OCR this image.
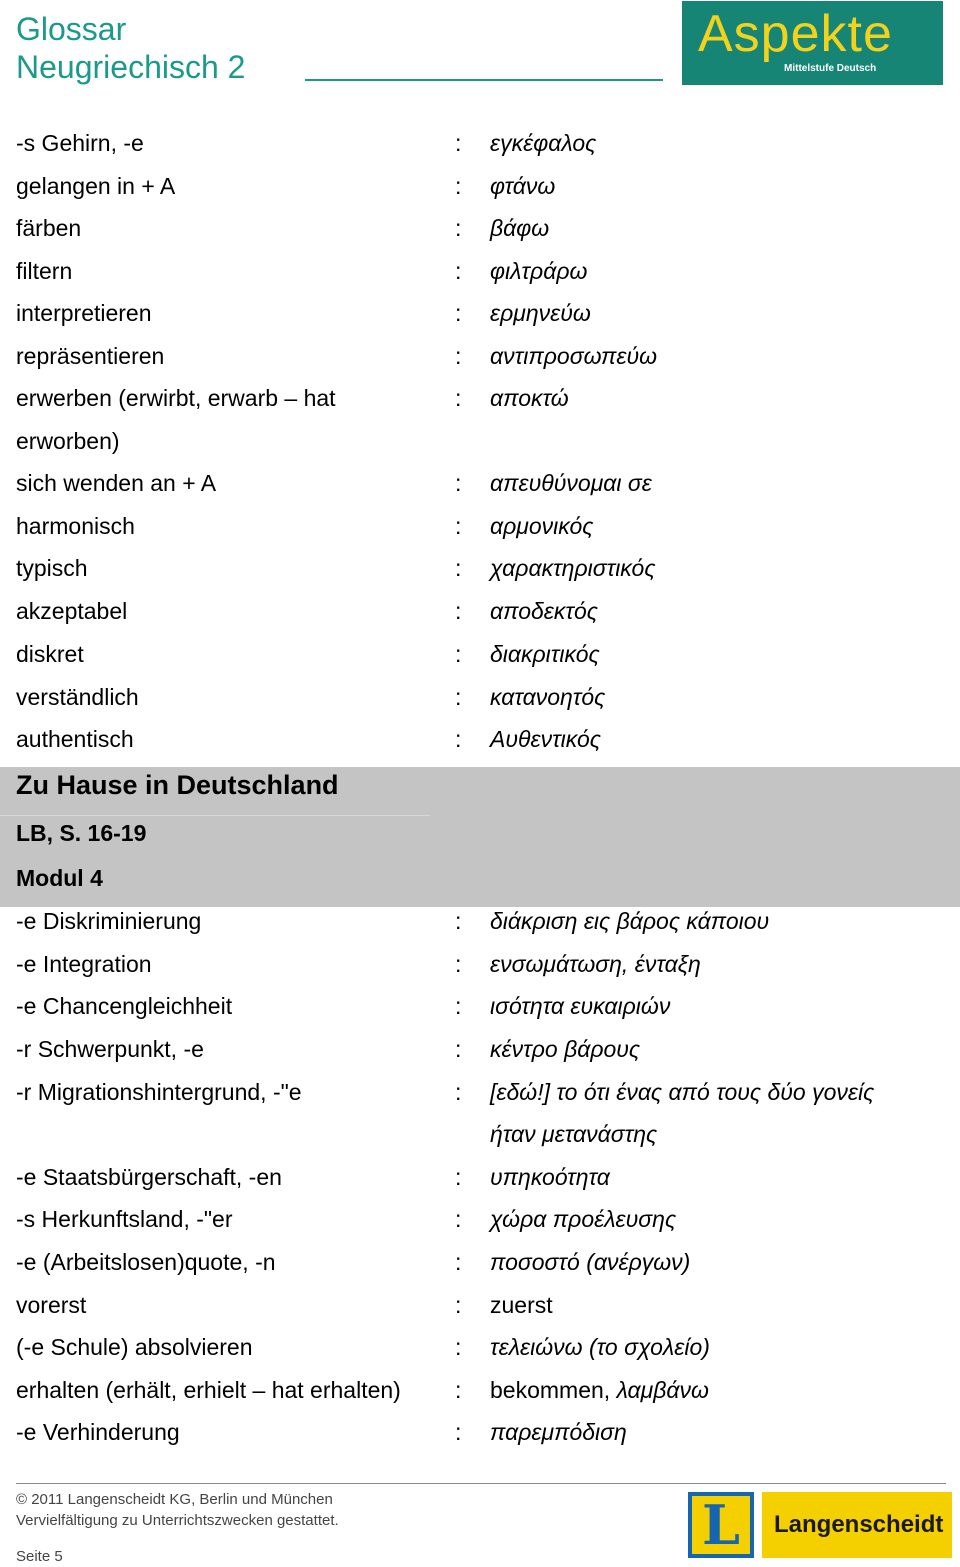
Glossar
Neugriechisch 2
Aspekte
Mittelstufe Deutsch
-s Gehirn, -e	: εγκέφαλος
gelangen in + A	: φτάνω
färben	: βάφω
filtern	: φιλτράρω
interpretieren	: ερμηνεύω
repräsentieren	: αντιπροσωπεύω
erwerben (erwirbt, erwarb – hat	: αποκτώ
erworben)
sich wenden an + A	: απευθύνομαι σε
harmonisch	: αρμονικός
typisch	: χαρακτηριστικός
akzeptabel	: αποδεκτός
diskret	: διακριτικός
verständlich	: κατανοητός
authentisch	: Αυθεντικός
Zu Hause in Deutschland
LB, S. 16-19
Modul 4
-e Diskriminierung	: διάκριση εις βάρος κάποιου
-e Integration	: ενσωμάτωση, ένταξη
-e Chancengleichheit	: ισότητα ευκαιριών
-r Schwerpunkt, -e	: κέντρο βάρους
-r Migrationshintergrund, -"e	: [εδώ!] το ότι ένας από τους δύο γονείς
ήταν μετανάστης
-e Staatsbürgerschaft, -en	: υπηκοότητα
-s Herkunftsland, -"er	: χώρα προέλευσης
-e (Arbeitslosen)quote, -n	: ποσοστό (ανέργων)
vorerst	: zuerst
(-e Schule) absolvieren	: τελειώνω (το σχολείο)
erhalten (erhält, erhielt – hat erhalten) : bekommen, λαμβάνω
-e Verhinderung	: παρεμπόδιση
© 2011 Langenscheidt KG, Berlin und München
Vervielfältigung zu Unterrichtszwecken gestattet.
Seite 5	L	Langenscheidt
